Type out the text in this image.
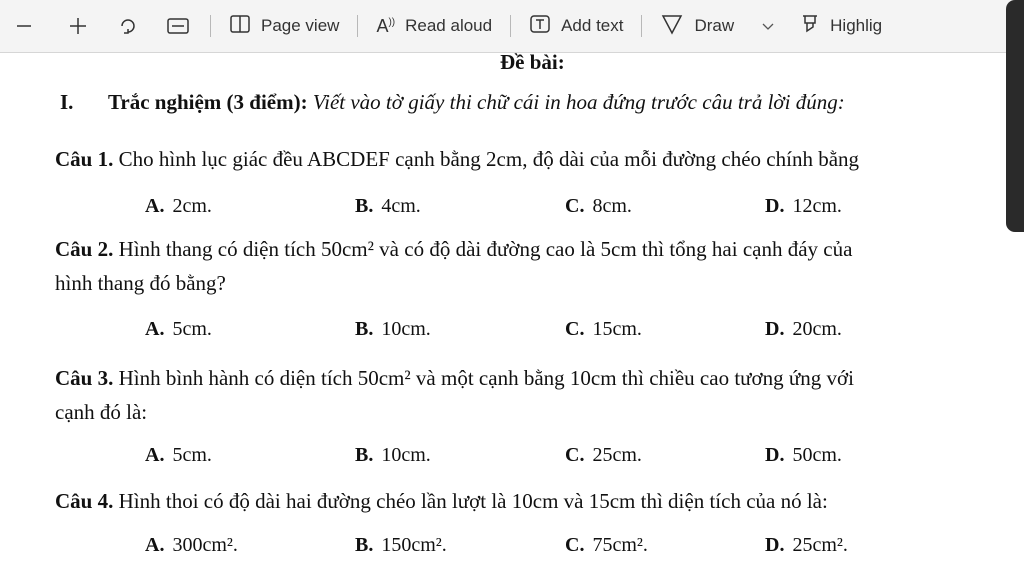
Page view A)) Read aloud	Add text	Draw	Highlig
Đề bài:
I. Trắc nghiệm (3 điểm): Viết vào tờ giấy thi chữ cái in hoa đứng trước câu trả lời đúng:
Câu 1. Cho hình lục giác đều ABCDEF cạnh bằng 2cm, độ dài của mỗi đường chéo chính bằng
A. 2cm.	B. 4cm.	C. 8cm.	D. 12cm.
Câu 2. Hình thang có diện tích 50cm² và có độ dài đường cao là 5cm thì tổng hai cạnh đáy của
hình thang đó bằng?
A. 5cm.	B. 10cm.	C. 15cm.	D. 20cm.
Câu 3. Hình bình hành có diện tích 50cm² và một cạnh bằng 10cm thì chiều cao tương ứng với
cạnh đó là:
A. 5cm.	B. 10cm.	C. 25cm.	D. 50cm.
Câu 4. Hình thoi có độ dài hai đường chéo lần lượt là 10cm và 15cm thì diện tích của nó là:
A. 300cm².	B. 150cm².	C. 75cm².	D. 25cm².
